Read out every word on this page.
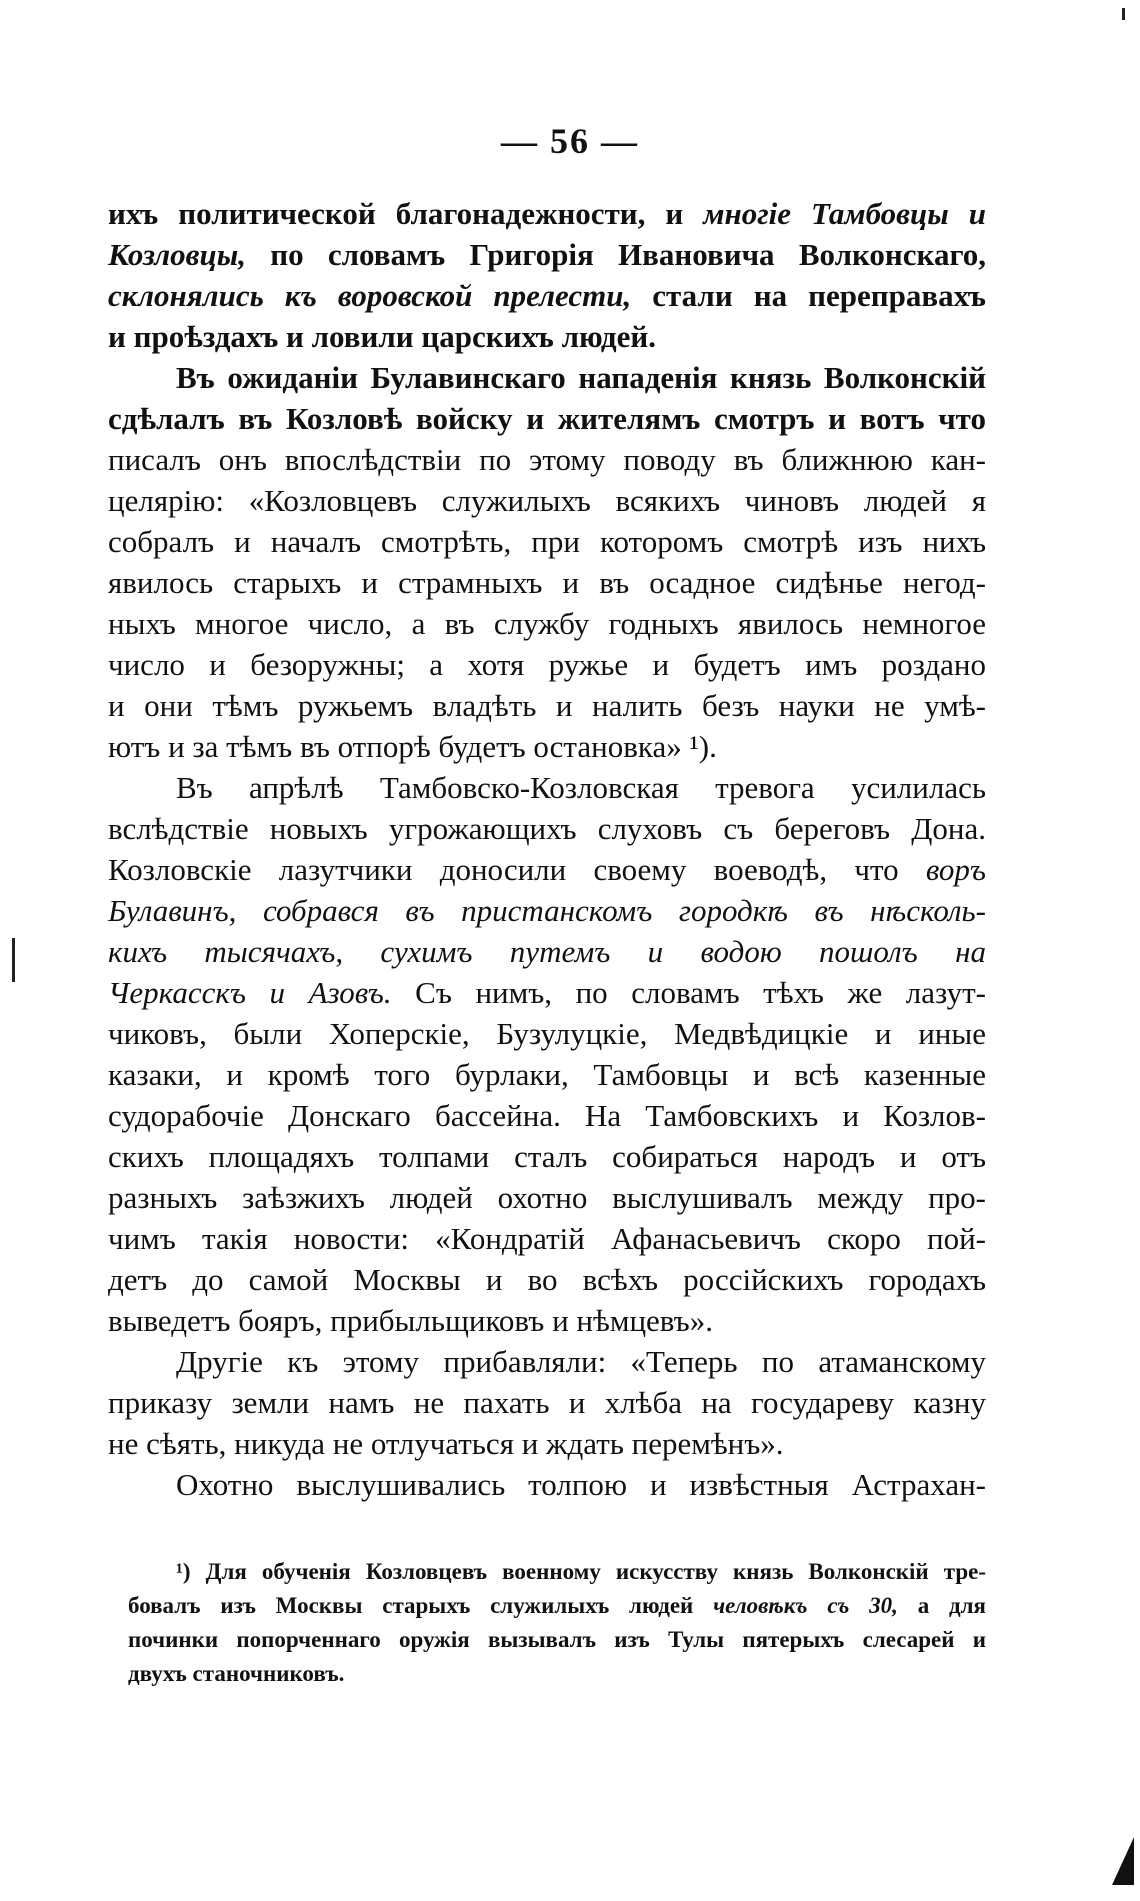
— 56 —
ихъ политической благонадежности, и многіе Тамбовцы и
Козловцы, по словамъ Григорія Ивановича Волконскаго,
склонялись къ воровской прелести, стали на переправахъ
и проѣздахъ и ловили царскихъ людей.
Въ ожиданіи Булавинскаго нападенія князь Волконскій
сдѣлалъ въ Козловѣ войску и жителямъ смотръ и вотъ что
писалъ онъ впослѣдствіи по этому поводу въ ближнюю кан-
целярію: «Козловцевъ служилыхъ всякихъ чиновъ людей я
собралъ и началъ смотрѣть, при которомъ смотрѣ изъ нихъ
явилось старыхъ и страмныхъ и въ осадное сидѣнье негод-
ныхъ многое число, а въ службу годныхъ явилось немногое
число и безоружны; а хотя ружье и будетъ имъ роздано
и они тѣмъ ружьемъ владѣть и налить безъ науки не умѣ-
ютъ и за тѣмъ въ отпорѣ будетъ остановка» ¹).
Въ апрѣлѣ Тамбовско-Козловская тревога усилилась
вслѣдствіе новыхъ угрожающихъ слуховъ съ береговъ Дона.
Козловскіе лазутчики доносили своему воеводѣ, что воръ
Булавинъ, собрався въ пристанскомъ городкѣ въ нѣсколь-
кихъ тысячахъ, сухимъ путемъ и водою пошолъ на
Черкасскъ и Азовъ. Съ нимъ, по словамъ тѣхъ же лазут-
чиковъ, были Хоперскіе, Бузулуцкіе, Медвѣдицкіе и иные
казаки, и кромѣ того бурлаки, Тамбовцы и всѣ казенные
судорабочіе Донскаго бассейна. На Тамбовскихъ и Козлов-
скихъ площадяхъ толпами сталъ собираться народъ и отъ
разныхъ заѣзжихъ людей охотно выслушивалъ между про-
чимъ такія новости: «Кондратій Афанасьевичъ скоро пой-
детъ до самой Москвы и во всѣхъ россійскихъ городахъ
выведетъ бояръ, прибыльщиковъ и нѣмцевъ».
Другіе къ этому прибавляли: «Теперь по атаманскому
приказу земли намъ не пахать и хлѣба на государеву казну
не сѣять, никуда не отлучаться и ждать перемѣнъ».
Охотно выслушивались толпою и извѣстныя Астрахан-
¹) Для обученія Козловцевъ военному искусству князь Волконскій тре-
бовалъ изъ Москвы старыхъ служилыхъ людей человѣкъ съ 30, а для
починки попорченнаго оружія вызывалъ изъ Тулы пятерыхъ слесарей и
двухъ станочниковъ.
